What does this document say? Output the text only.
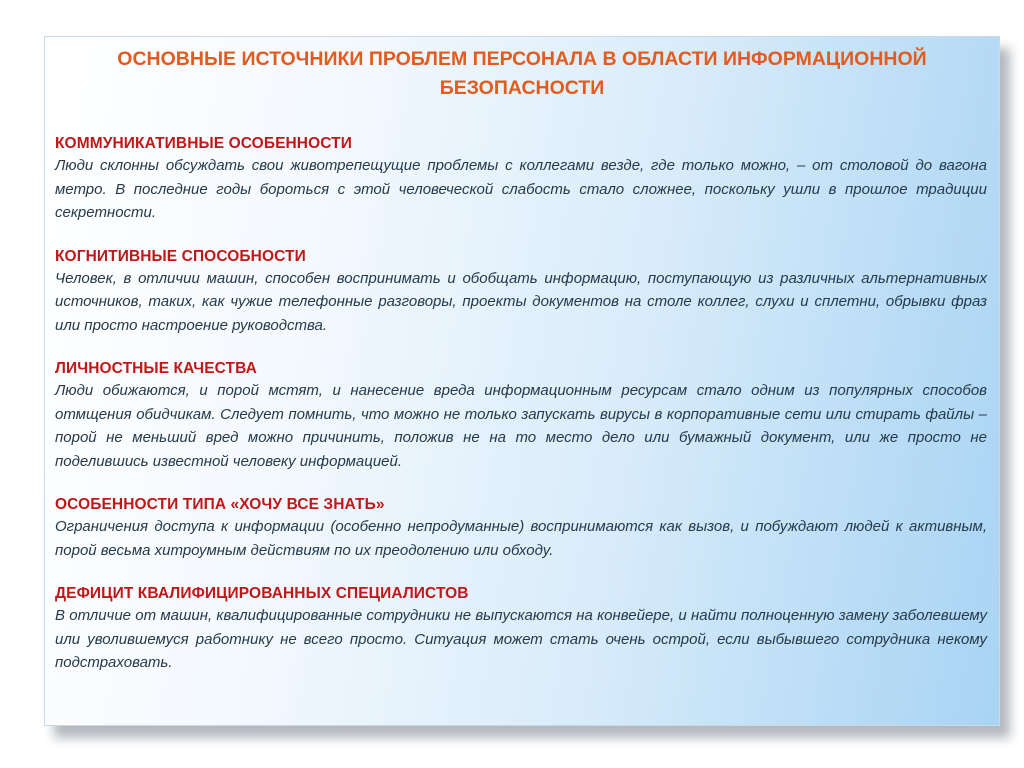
ОСНОВНЫЕ ИСТОЧНИКИ ПРОБЛЕМ ПЕРСОНАЛА В ОБЛАСТИ ИНФОРМАЦИОННОЙ БЕЗОПАСНОСТИ
КОММУНИКАТИВНЫЕ ОСОБЕННОСТИ

Люди склонны обсуждать свои животрепещущие проблемы с коллегами везде, где только можно, – от столовой до вагона метро. В последние годы бороться с этой человеческой слабость стало сложнее, поскольку ушли в прошлое традиции секретности.

КОГНИТИВНЫЕ СПОСОБНОСТИ

Человек, в отличии машин, способен воспринимать и обобщать информацию, поступающую из различных альтернативных источников, таких, как чужие телефонные разговоры, проекты документов на столе коллег, слухи и сплетни, обрывки фраз или просто настроение руководства.

ЛИЧНОСТНЫЕ КАЧЕСТВА

Люди обижаются, и порой мстят, и нанесение вреда информационным ресурсам стало одним из популярных способов отмщения обидчикам. Следует помнить, что можно не только запускать вирусы в корпоративные сети или стирать файлы – порой не меньший вред можно причинить, положив не на то место дело или бумажный документ, или же просто не поделившись известной человеку информацией.

ОСОБЕННОСТИ ТИПА «ХОЧУ ВСЕ ЗНАТЬ»

Ограничения доступа к информации (особенно непродуманные) воспринимаются как вызов, и побуждают людей к активным, порой весьма хитроумным действиям по их преодолению или обходу.

ДЕФИЦИТ КВАЛИФИЦИРОВАННЫХ СПЕЦИАЛИСТОВ

В отличие от машин, квалифицированные сотрудники не выпускаются на конвейере, и найти полноценную замену заболевшему или уволившемуся работнику не всего просто. Ситуация может стать очень острой, если выбывшего сотрудника некому подстраховать.
